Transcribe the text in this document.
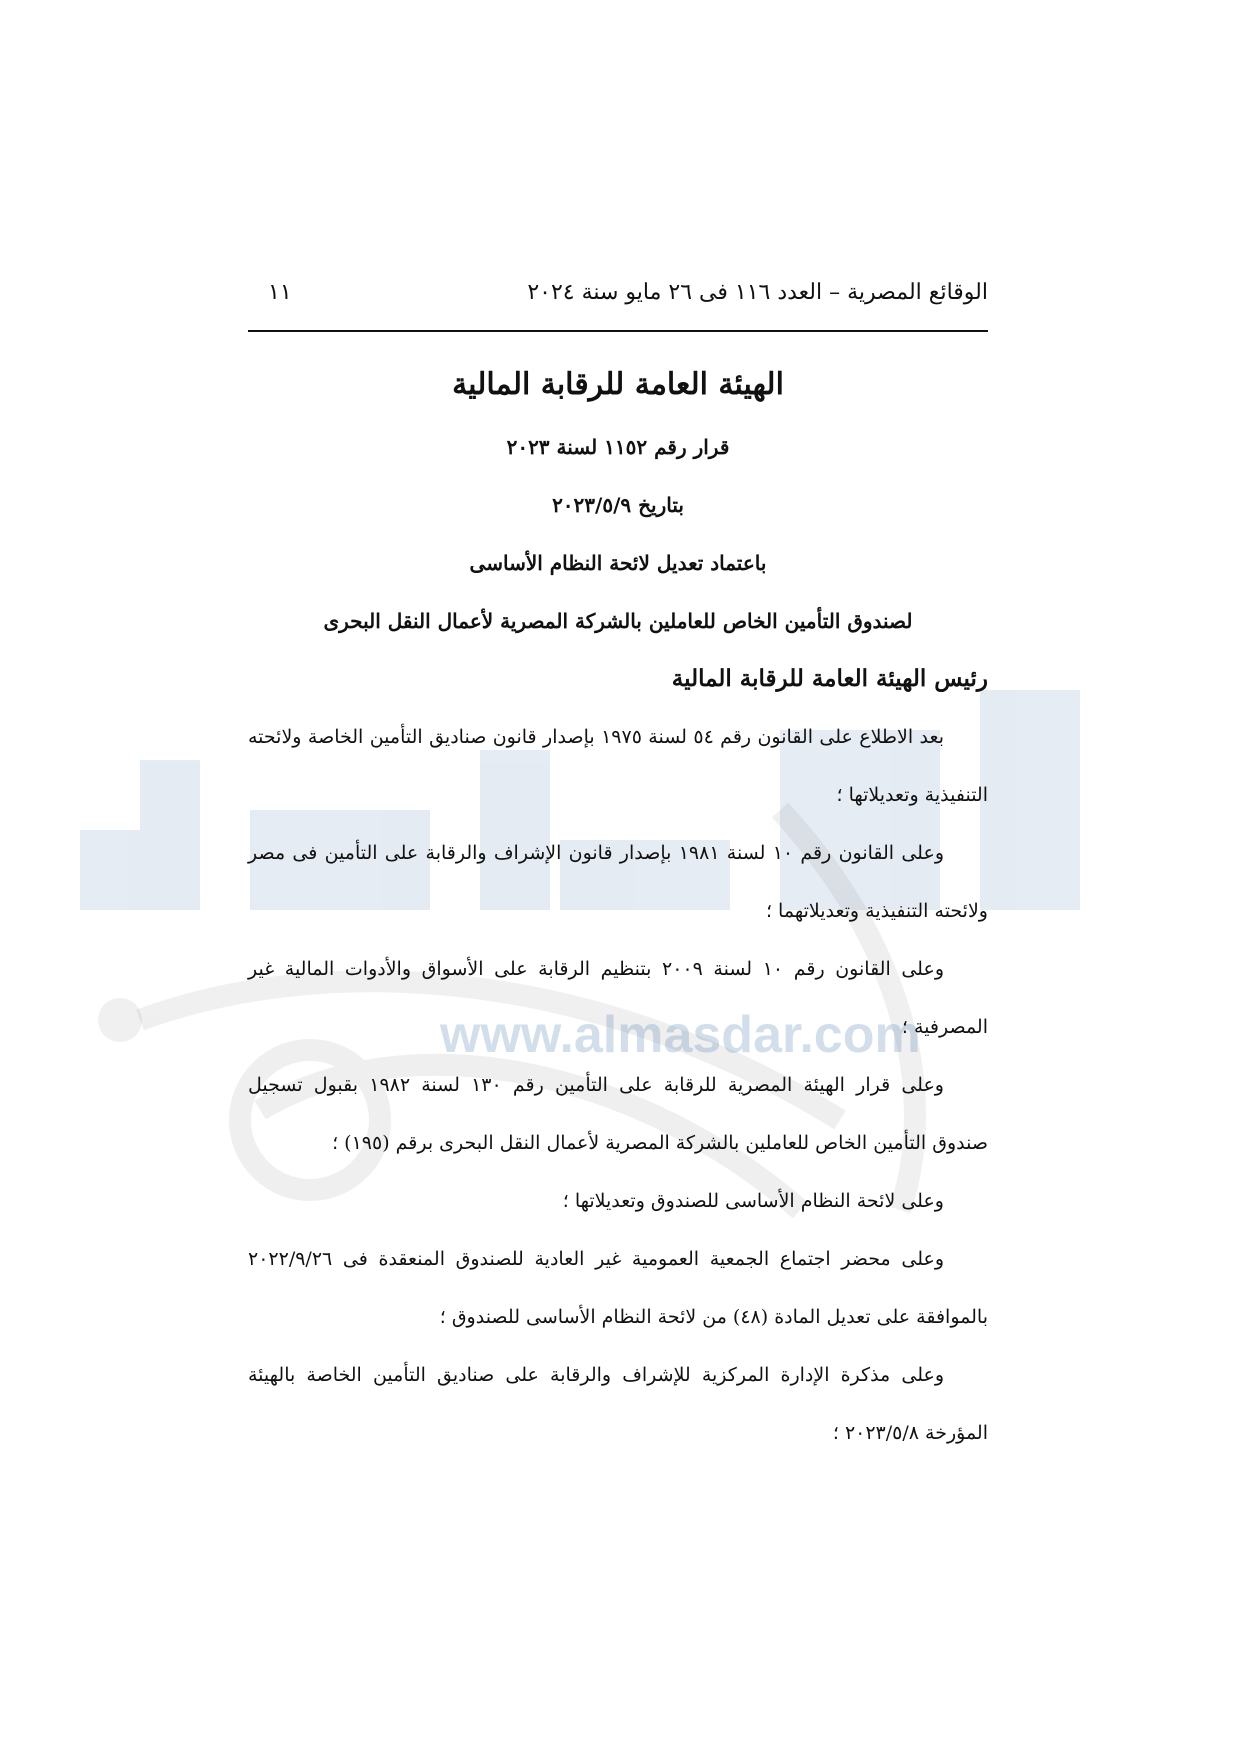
www.almasdar.com
الوقائع المصرية – العدد ١١٦ فى ٢٦ مايو سنة ٢٠٢٤
١١
الهيئة العامة للرقابة المالية
قرار رقم ١١٥٢ لسنة ٢٠٢٣
بتاريخ ٢٠٢٣/٥/٩
باعتماد تعديل لائحة النظام الأساسى
لصندوق التأمين الخاص للعاملين بالشركة المصرية لأعمال النقل البحرى
رئيس الهيئة العامة للرقابة المالية

بعد الاطلاع على القانون رقم ٥٤ لسنة ١٩٧٥ بإصدار قانون صناديق التأمين الخاصة ولائحته التنفيذية وتعديلاتها ؛

وعلى القانون رقم ١٠ لسنة ١٩٨١ بإصدار قانون الإشراف والرقابة على التأمين فى مصر ولائحته التنفيذية وتعديلاتهما ؛

وعلى القانون رقم ١٠ لسنة ٢٠٠٩ بتنظيم الرقابة على الأسواق والأدوات المالية غير المصرفية ؛

وعلى قرار الهيئة المصرية للرقابة على التأمين رقم ١٣٠ لسنة ١٩٨٢ بقبول تسجيل صندوق التأمين الخاص للعاملين بالشركة المصرية لأعمال النقل البحرى برقم (١٩٥) ؛

وعلى لائحة النظام الأساسى للصندوق وتعديلاتها ؛

وعلى محضر اجتماع الجمعية العمومية غير العادية للصندوق المنعقدة فى ٢٠٢٢/٩/٢٦ بالموافقة على تعديل المادة (٤٨) من لائحة النظام الأساسى للصندوق ؛

وعلى مذكرة الإدارة المركزية للإشراف والرقابة على صناديق التأمين الخاصة بالهيئة المؤرخة ٢٠٢٣/٥/٨ ؛
